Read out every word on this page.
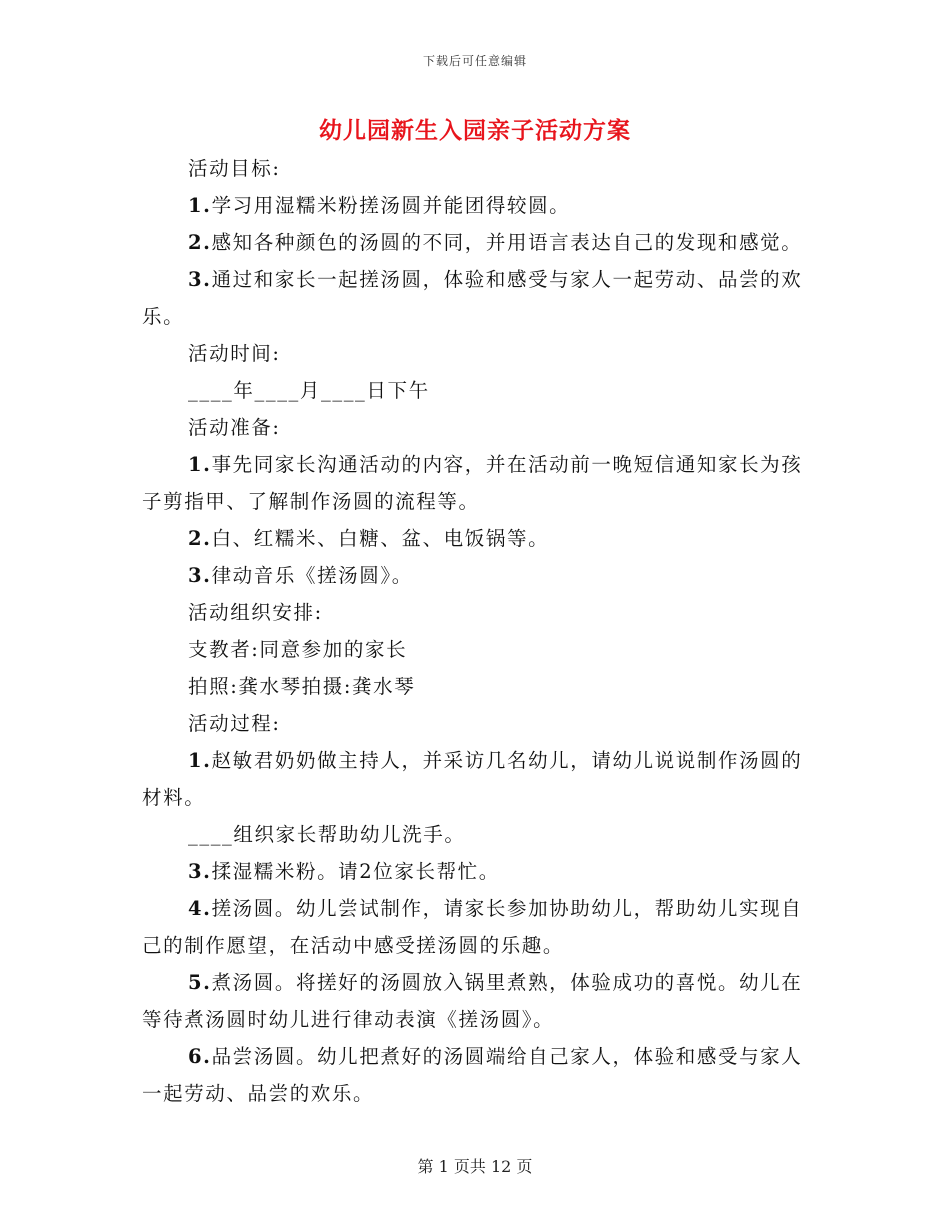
下载后可任意编辑
幼儿园新生入园亲子活动方案

活动目标:

1.学习用湿糯米粉搓汤圆并能团得较圆。

2.感知各种颜色的汤圆的不同，并用语言表达自己的发现和感觉。

3.通过和家长一起搓汤圆，体验和感受与家人一起劳动、品尝的欢乐。

活动时间:

____年____月____日下午

活动准备:

1.事先同家长沟通活动的内容，并在活动前一晚短信通知家长为孩子剪指甲、了解制作汤圆的流程等。

2.白、红糯米、白糖、盆、电饭锅等。

3.律动音乐《搓汤圆》。

活动组织安排:

支教者:同意参加的家长

拍照:龚水琴拍摄:龚水琴

活动过程:

1.赵敏君奶奶做主持人，并采访几名幼儿，请幼儿说说制作汤圆的材料。

____组织家长帮助幼儿洗手。

3.揉湿糯米粉。请2位家长帮忙。

4.搓汤圆。幼儿尝试制作，请家长参加协助幼儿，帮助幼儿实现自己的制作愿望，在活动中感受搓汤圆的乐趣。

5.煮汤圆。将搓好的汤圆放入锅里煮熟，体验成功的喜悦。幼儿在等待煮汤圆时幼儿进行律动表演《搓汤圆》。

6.品尝汤圆。幼儿把煮好的汤圆端给自己家人，体验和感受与家人一起劳动、品尝的欢乐。

第 1 页共 12 页
